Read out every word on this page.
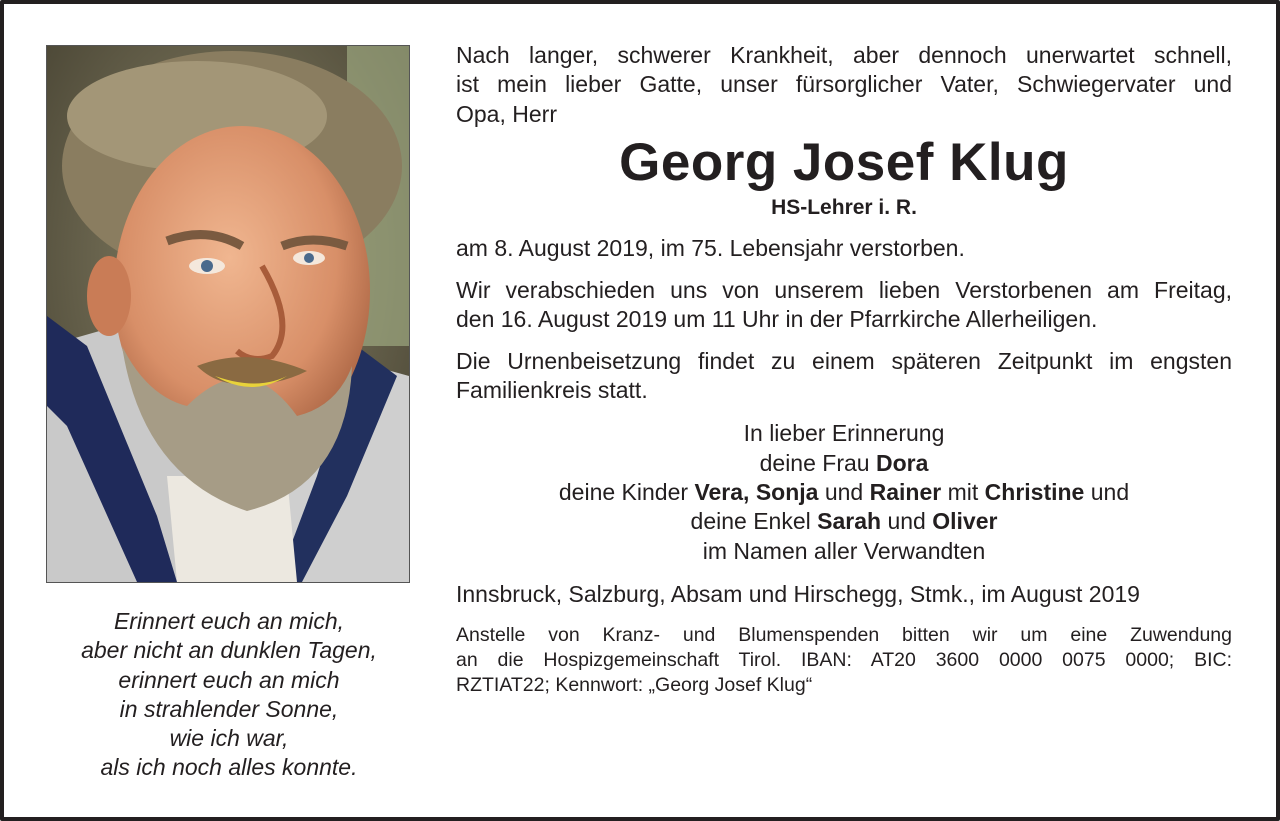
Erinnert euch an mich,
aber nicht an dunklen Tagen,
erinnert euch an mich
in strahlender Sonne,
wie ich war,
als ich noch alles konnte.
Nach langer, schwerer Krankheit, aber dennoch unerwartet schnell,
ist mein lieber Gatte, unser fürsorglicher Vater, Schwiegervater und
Opa, Herr
Georg Josef Klug
HS-Lehrer i. R.
am 8. August 2019, im 75. Lebensjahr verstorben.
Wir verabschieden uns von unserem lieben Verstorbenen am Freitag,
den 16. August 2019 um 11 Uhr in der Pfarrkirche Allerheiligen.
Die Urnenbeisetzung findet zu einem späteren Zeitpunkt im engsten
Familienkreis statt.
In lieber Erinnerung
deine Frau Dora
deine Kinder Vera, Sonja und Rainer mit Christine und
deine Enkel Sarah und Oliver
im Namen aller Verwandten
Innsbruck, Salzburg, Absam und Hirschegg, Stmk., im August 2019
Anstelle von Kranz- und Blumenspenden bitten wir um eine Zuwendung
an die Hospizgemeinschaft Tirol. IBAN: AT20 3600 0000 0075 0000; BIC:
RZTIAT22; Kennwort: „Georg Josef Klug“
